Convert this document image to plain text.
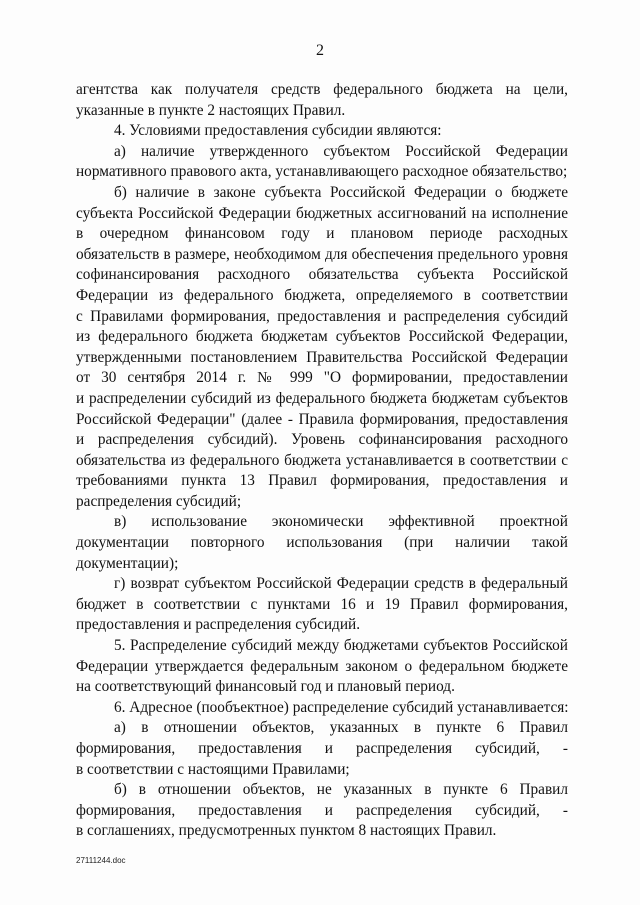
2
агентства как получателя средств федерального бюджета на цели,
указанные в пункте 2 настоящих Правил.
4. Условиями предоставления субсидии являются:
а) наличие утвержденного субъектом Российской Федерации
нормативного правового акта, устанавливающего расходное обязательство;
б) наличие в законе субъекта Российской Федерации о бюджете
субъекта Российской Федерации бюджетных ассигнований на исполнение
в очередном финансовом году и плановом периоде расходных
обязательств в размере, необходимом для обеспечения предельного уровня
софинансирования расходного обязательства субъекта Российской
Федерации из федерального бюджета, определяемого в соответствии
с Правилами формирования, предоставления и распределения субсидий
из федерального бюджета бюджетам субъектов Российской Федерации,
утвержденными постановлением Правительства Российской Федерации
от 30 сентября 2014 г. № 999 "О формировании, предоставлении
и распределении субсидий из федерального бюджета бюджетам субъектов
Российской Федерации" (далее - Правила формирования, предоставления
и распределения субсидий). Уровень софинансирования расходного
обязательства из федерального бюджета устанавливается в соответствии с
требованиями пункта 13 Правил формирования, предоставления и
распределения субсидий;
в) использование экономически эффективной проектной
документации повторного использования (при наличии такой
документации);
г) возврат субъектом Российской Федерации средств в федеральный
бюджет в соответствии с пунктами 16 и 19 Правил формирования,
предоставления и распределения субсидий.
5. Распределение субсидий между бюджетами субъектов Российской
Федерации утверждается федеральным законом о федеральном бюджете
на соответствующий финансовый год и плановый период.
6. Адресное (пообъектное) распределение субсидий устанавливается:
а) в отношении объектов, указанных в пункте 6 Правил
формирования, предоставления и распределения субсидий, -
в соответствии с настоящими Правилами;
б) в отношении объектов, не указанных в пункте 6 Правил
формирования, предоставления и распределения субсидий, -
в соглашениях, предусмотренных пунктом 8 настоящих Правил.
27111244.doc
